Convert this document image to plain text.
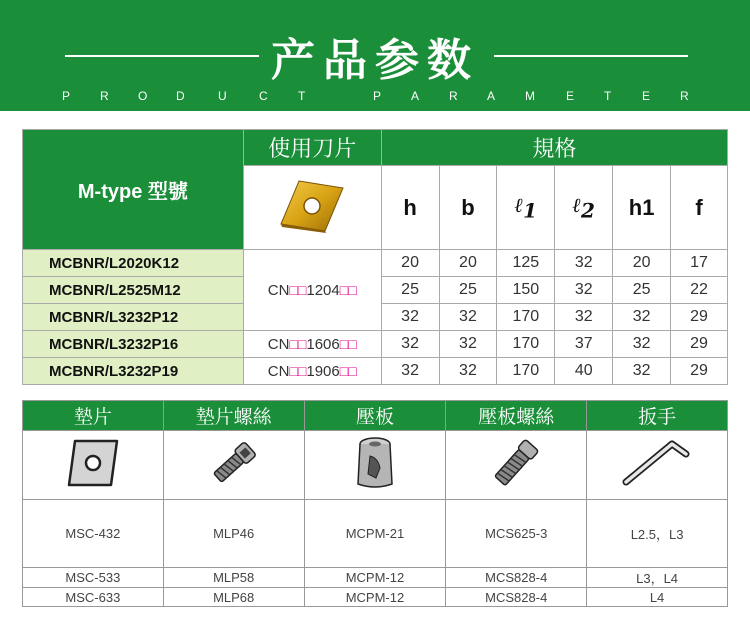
产品参数
P R O D	U	C	T	P A R A M	E T	E R
M-type 型號	使用刀片	規格					
	h	b	ℓ$_1$	ℓ$_2$	h1	f
MCBNR/L2020K12	CN□□1204□□	20	20	125	32	20	17
MCBNR/L2525M12		25	25	150	32	25	22
MCBNR/L3232P12		32	32	170	32	32	29
MCBNR/L3232P16	CN□□1606□□	32	32	170	37	32	29
MCBNR/L3232P19	CN□□1906□□	32	32	170	40	32	29
墊片	墊片螺絲	壓板	壓板螺絲	扳手

MSC-432	MLP46	MCPM-21	MCS625-3	L2.5，L3
MSC-533	MLP58	MCPM-12	MCS828-4	L3，L4
MSC-633	MLP68	MCPM-12	MCS828-4	L4
